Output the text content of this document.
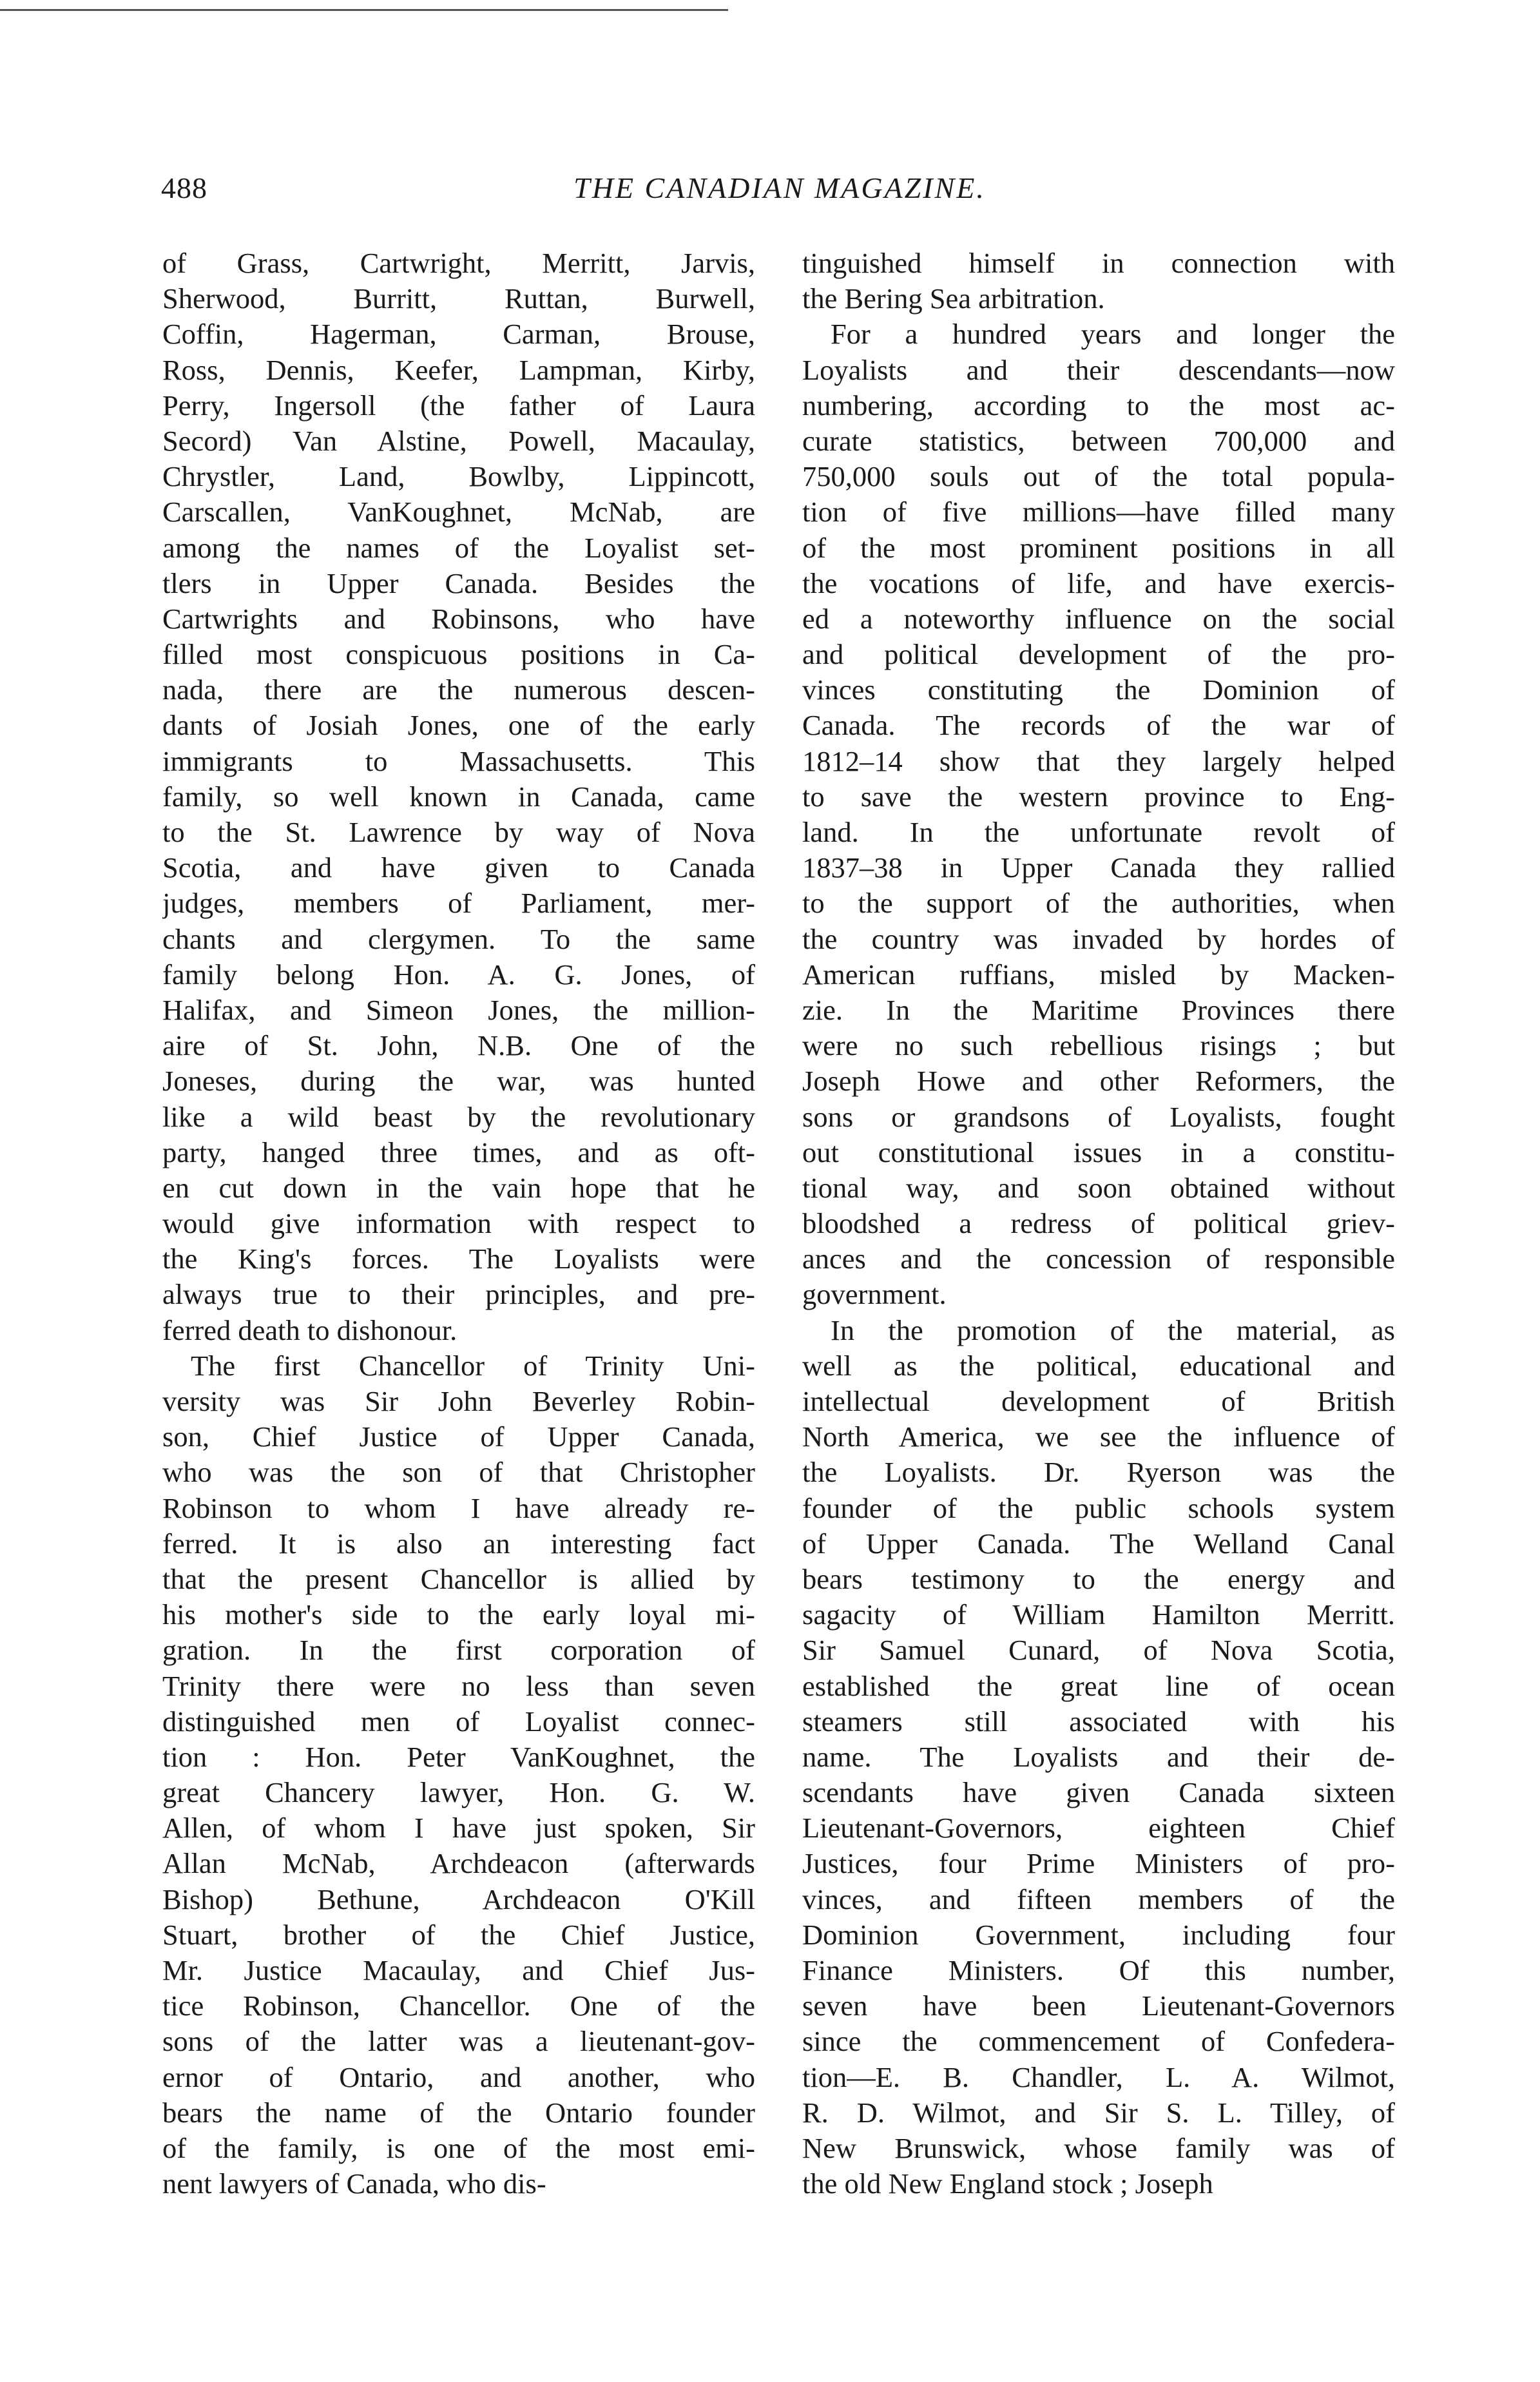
488	THE CANADIAN MAGAZINE.
of Grass, Cartwright, Merritt, Jarvis,
Sherwood, Burritt, Ruttan, Burwell,
Coffin, Hagerman, Carman, Brouse,
Ross, Dennis, Keefer, Lampman, Kirby,
Perry, Ingersoll (the father of Laura
Secord) Van Alstine, Powell, Macaulay,
Chrystler, Land, Bowlby, Lippincott,
Carscallen, VanKoughnet, McNab, are
among the names of the Loyalist set-
tlers in Upper Canada. Besides the
Cartwrights and Robinsons, who have
filled most conspicuous positions in Ca-
nada, there are the numerous descen-
dants of Josiah Jones, one of the early
immigrants to Massachusetts. This
family, so well known in Canada, came
to the St. Lawrence by way of Nova
Scotia, and have given to Canada
judges, members of Parliament, mer-
chants and clergymen. To the same
family belong Hon. A. G. Jones, of
Halifax, and Simeon Jones, the million-
aire of St. John, N.B. One of the
Joneses, during the war, was hunted
like a wild beast by the revolutionary
party, hanged three times, and as oft-
en cut down in the vain hope that he
would give information with respect to
the King's forces. The Loyalists were
always true to their principles, and pre-
ferred death to dishonour.
The first Chancellor of Trinity Uni-
versity was Sir John Beverley Robin-
son, Chief Justice of Upper Canada,
who was the son of that Christopher
Robinson to whom I have already re-
ferred. It is also an interesting fact
that the present Chancellor is allied by
his mother's side to the early loyal mi-
gration. In the first corporation of
Trinity there were no less than seven
distinguished men of Loyalist connec-
tion : Hon. Peter VanKoughnet, the
great Chancery lawyer, Hon. G. W.
Allen, of whom I have just spoken, Sir
Allan McNab, Archdeacon (afterwards
Bishop) Bethune, Archdeacon O'Kill
Stuart, brother of the Chief Justice,
Mr. Justice Macaulay, and Chief Jus-
tice Robinson, Chancellor. One of the
sons of the latter was a lieutenant-gov-
ernor of Ontario, and another, who
bears the name of the Ontario founder
of the family, is one of the most emi-
nent lawyers of Canada, who dis-
tinguished himself in connection with
the Bering Sea arbitration.
For a hundred years and longer the
Loyalists and their descendants—now
numbering, according to the most ac-
curate statistics, between 700,000 and
750,000 souls out of the total popula-
tion of five millions—have filled many
of the most prominent positions in all
the vocations of life, and have exercis-
ed a noteworthy influence on the social
and political development of the pro-
vinces constituting the Dominion of
Canada. The records of the war of
1812–14 show that they largely helped
to save the western province to Eng-
land. In the unfortunate revolt of
1837–38 in Upper Canada they rallied
to the support of the authorities, when
the country was invaded by hordes of
American ruffians, misled by Macken-
zie. In the Maritime Provinces there
were no such rebellious risings ; but
Joseph Howe and other Reformers, the
sons or grandsons of Loyalists, fought
out constitutional issues in a constitu-
tional way, and soon obtained without
bloodshed a redress of political griev-
ances and the concession of responsible
government.
In the promotion of the material, as
well as the political, educational and
intellectual development of British
North America, we see the influence of
the Loyalists. Dr. Ryerson was the
founder of the public schools system
of Upper Canada. The Welland Canal
bears testimony to the energy and
sagacity of William Hamilton Merritt.
Sir Samuel Cunard, of Nova Scotia,
established the great line of ocean
steamers still associated with his
name. The Loyalists and their de-
scendants have given Canada sixteen
Lieutenant-Governors, eighteen Chief
Justices, four Prime Ministers of pro-
vinces, and fifteen members of the
Dominion Government, including four
Finance Ministers. Of this number,
seven have been Lieutenant-Governors
since the commencement of Confedera-
tion—E. B. Chandler, L. A. Wilmot,
R. D. Wilmot, and Sir S. L. Tilley, of
New Brunswick, whose family was of
the old New England stock ; Joseph
